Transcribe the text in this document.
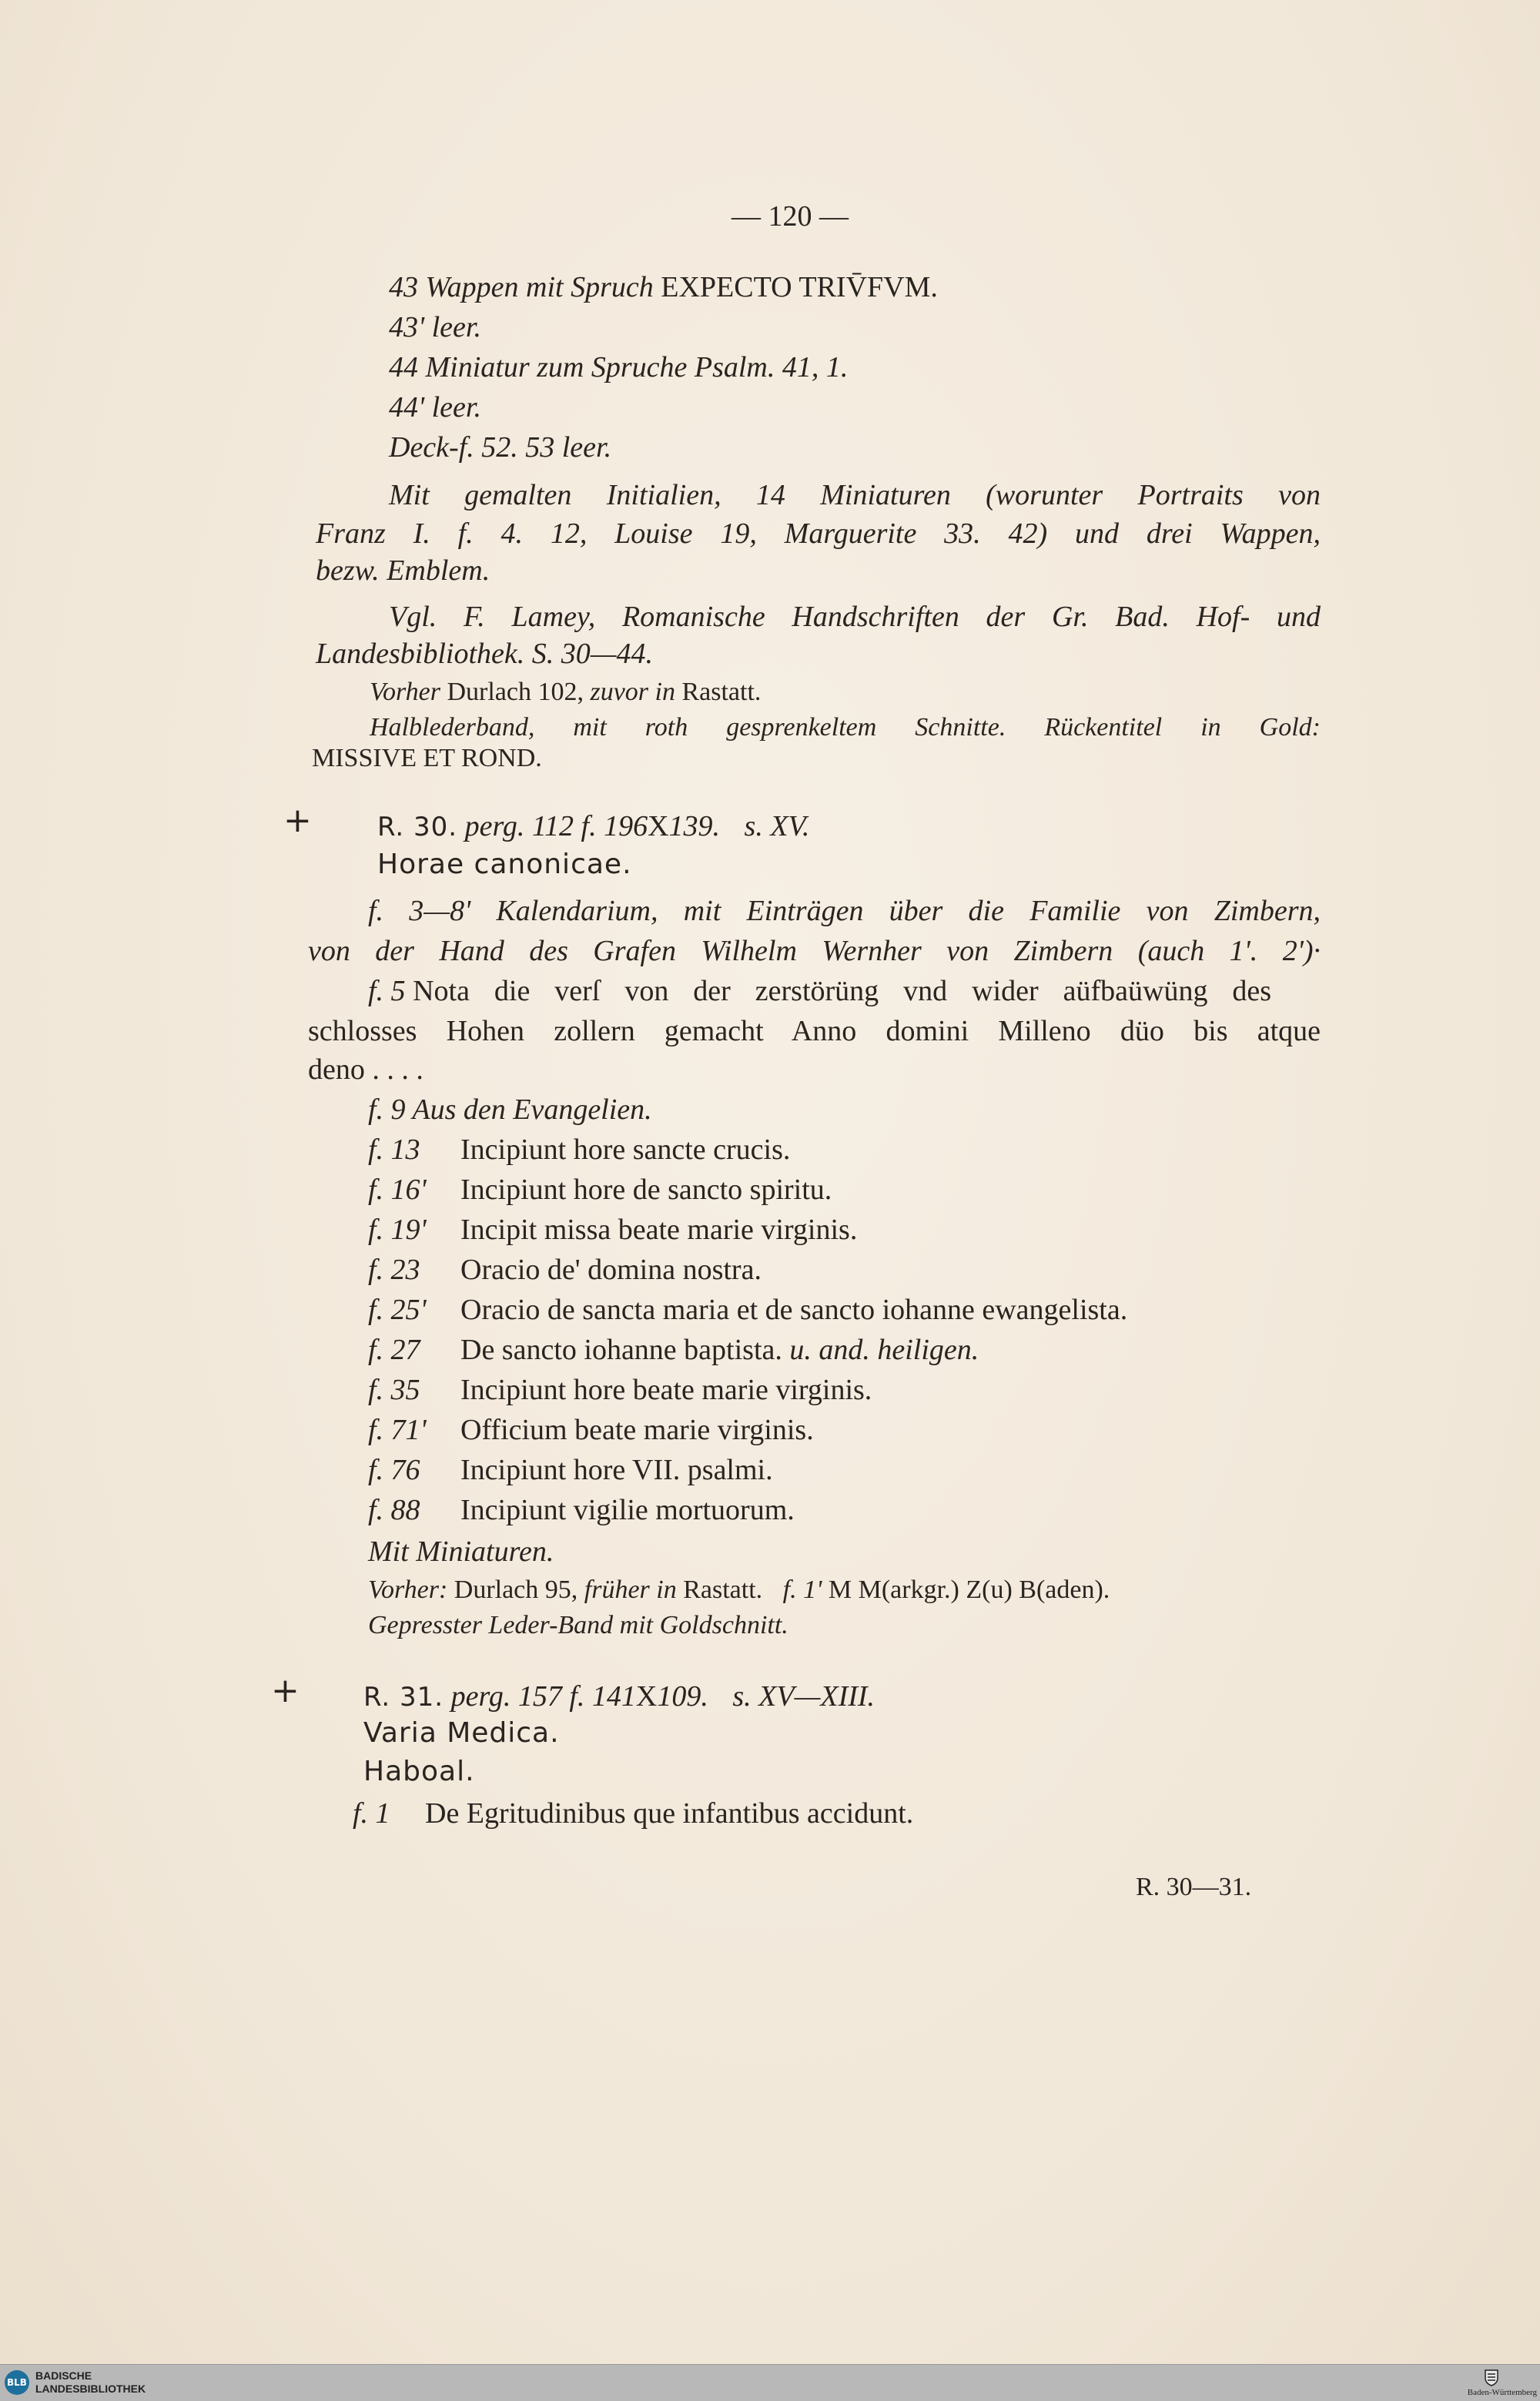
— 120 —
43 Wappen mit Spruch EXPECTO TRIV̄FVM.
43' leer.
44 Miniatur zum Spruche Psalm. 41, 1.
44' leer.
Deck-f. 52. 53 leer.
Mit gemalten Initialien, 14 Miniaturen (worunter Portraits von
Franz I. f. 4. 12, Louise 19, Marguerite 33. 42) und drei Wappen,
bezw. Emblem.
Vgl. F. Lamey, Romanische Handschriften der Gr. Bad. Hof- und
Landesbibliothek. S. 30—44.
Vorher Durlach 102, zuvor in Rastatt.
Halblederband, mit roth gesprenkeltem Schnitte. Rückentitel in Gold:
MISSIVE ET ROND.
+	R. 30. perg. 112 f. 196X139. s. XV.
Horae canonicae.
f. 3—8' Kalendarium, mit Einträgen über die Familie von Zimbern,
von der Hand des Grafen Wilhelm Wernher von Zimbern (auch 1'. 2')·
f. 5 Nota die verſ von der zerstörüng vnd wider aüfbaüwüng des
schlosses Hohen zollern gemacht Anno domini Milleno düo bis atque
deno . . . .
f. 9 Aus den Evangelien.
f. 13 Incipiunt hore sancte crucis.
f. 16' Incipiunt hore de sancto spiritu.
f. 19' Incipit missa beate marie virginis.
f. 23 Oracio de' domina nostra.
f. 25' Oracio de sancta maria et de sancto iohanne ewangelista.
f. 27 De sancto iohanne baptista. u. and. heiligen.
f. 35 Incipiunt hore beate marie virginis.
f. 71' Officium beate marie virginis.
f. 76 Incipiunt hore VII. psalmi.
f. 88 Incipiunt vigilie mortuorum.
Mit Miniaturen.
Vorher: Durlach 95, früher in Rastatt. f. 1' M M(arkgr.) Z(u) B(aden).
Gepresster Leder-Band mit Goldschnitt.
+ R. 31. perg. 157 f. 141X109. s. XV—XIII.
Varia Medica.
Haboal.
f. 1 De Egritudinibus que infantibus accidunt.
R. 30—31.
BLB
BADISCHE
LANDESBIBLIOTHEK	Baden-Württemberg
